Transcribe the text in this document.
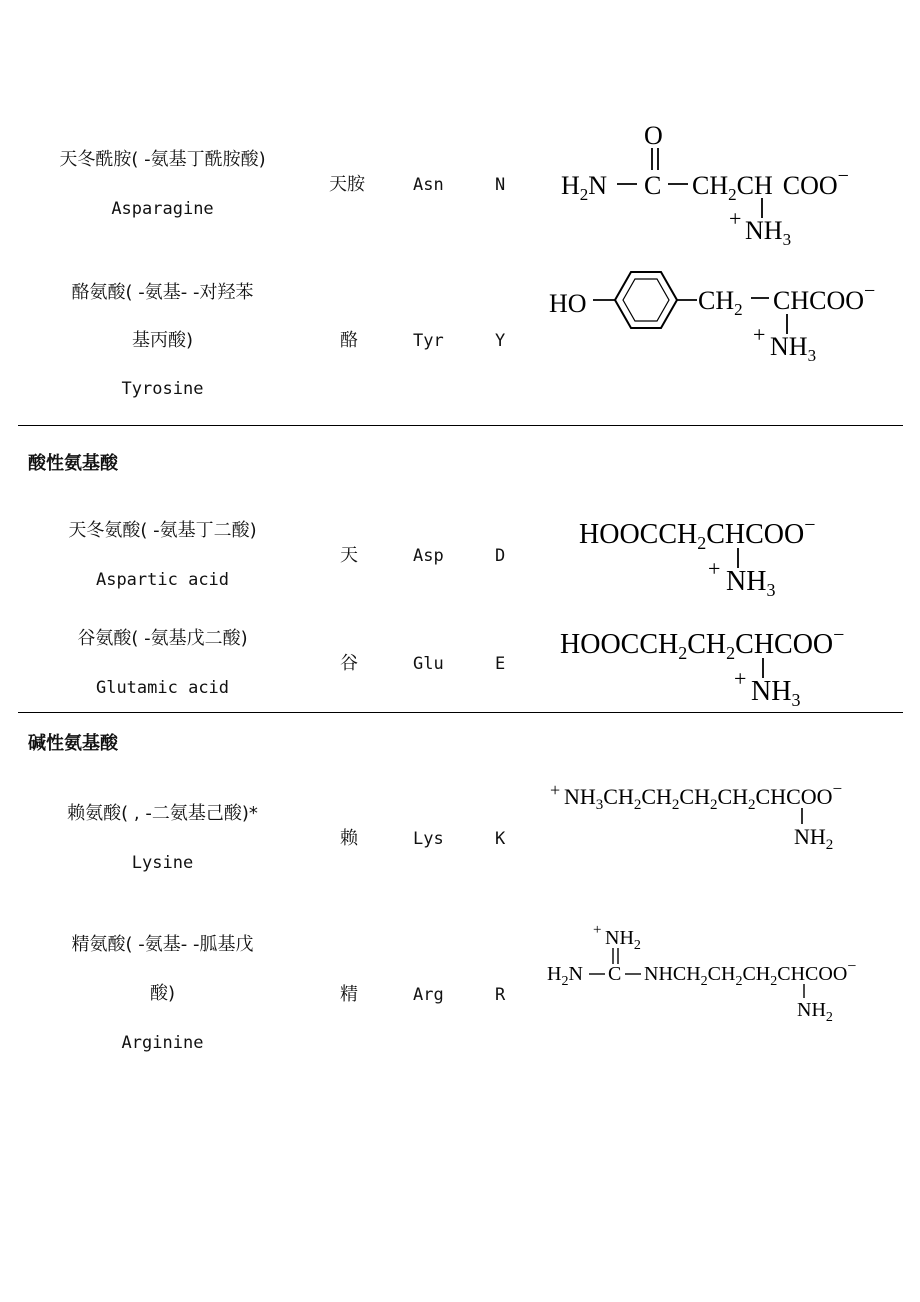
天冬酰胺( -氨基丁酰胺酸)
Asparagine
天胺	Asn	N
O
$H_2N$ C $CH_2CH$ COO−
+ $NH_3$
酪氨酸( -氨基- -对羟苯
基丙酸)
Tyrosine
酪	Tyr	Y
HO	$CH_2$ CHCOO−
+ $NH_3$
酸性氨基酸
天冬氨酸( -氨基丁二酸)
Aspartic acid
天	Asp	D
$HOOCCH_2CHCOO^-$
+ $NH_3$
谷氨酸( -氨基戊二酸)
Glutamic acid
谷	Glu	E
$HOOCCH_2CH_2CHCOO^-$
+ $NH_3$
碱性氨基酸
赖氨酸( , -二氨基己酸)*
Lysine
赖	Lys	K
+ $NH_3CH_2CH_2CH_2CH_2CHCOO^-$
$NH_2$
精氨酸( -氨基- -胍基戊
酸)
Arginine
精	Arg	R
+ $NH_2$
$H_2N$ C $NHCH_2CH_2CH_2CHCOO^-$
$NH_2$
